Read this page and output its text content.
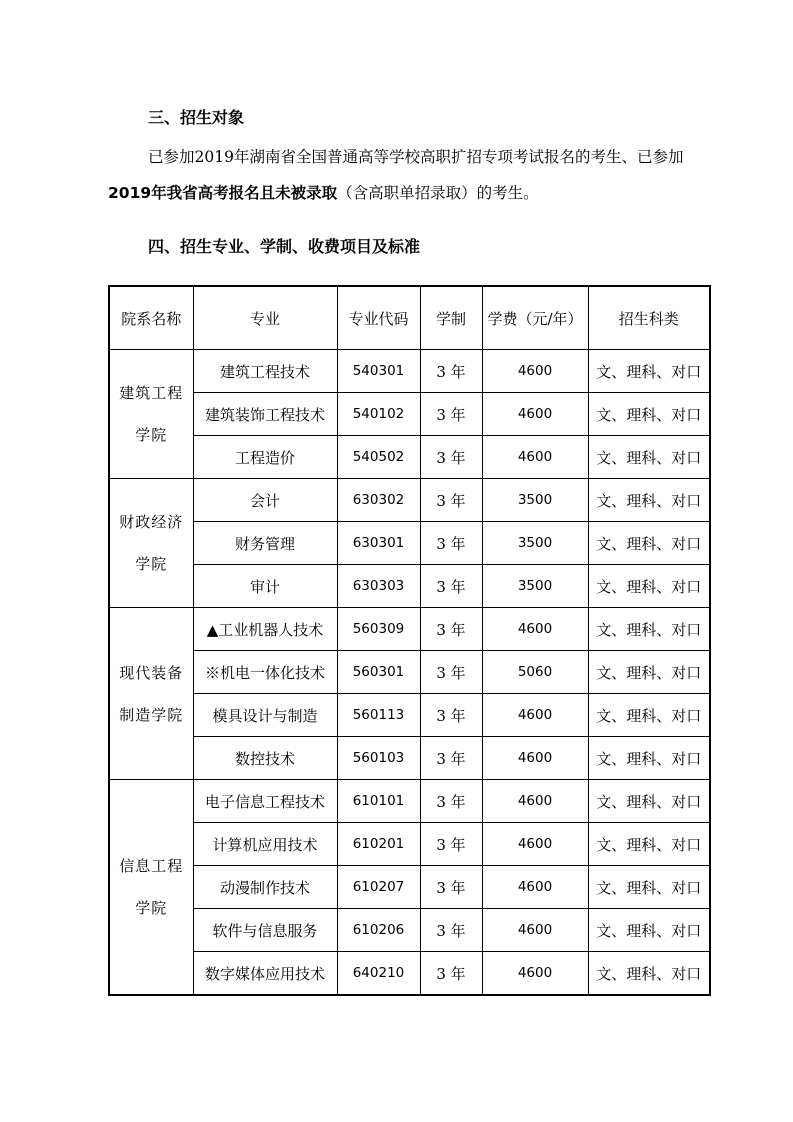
三、招生对象

已参加2019年湖南省全国普通高等学校高职扩招专项考试报名的考生、已参加

2019年我省高考报名且未被录取（含高职单招录取）的考生。

四、招生专业、学制、收费项目及标准
院系名称	专业	专业代码	学制	学费（元/年）	招生科类

建筑工程
学院	建筑工程技术	540301	3 年	4600	文、理科、对口
	建筑装饰工程技术	540102	3 年	4600	文、理科、对口
	工程造价	540502	3 年	4600	文、理科、对口

财政经济
学院	会计	630302	3 年	3500	文、理科、对口
	财务管理	630301	3 年	3500	文、理科、对口
	审计	630303	3 年	3500	文、理科、对口

现代装备
制造学院	▲工业机器人技术	560309	3 年	4600	文、理科、对口
	※机电一体化技术	560301	3 年	5060	文、理科、对口
	模具设计与制造	560113	3 年	4600	文、理科、对口
	数控技术	560103	3 年	4600	文、理科、对口

信息工程
学院	电子信息工程技术	610101	3 年	4600	文、理科、对口
	计算机应用技术	610201	3 年	4600	文、理科、对口
	动漫制作技术	610207	3 年	4600	文、理科、对口
	软件与信息服务	610206	3 年	4600	文、理科、对口
	数字媒体应用技术	640210	3 年	4600	文、理科、对口
